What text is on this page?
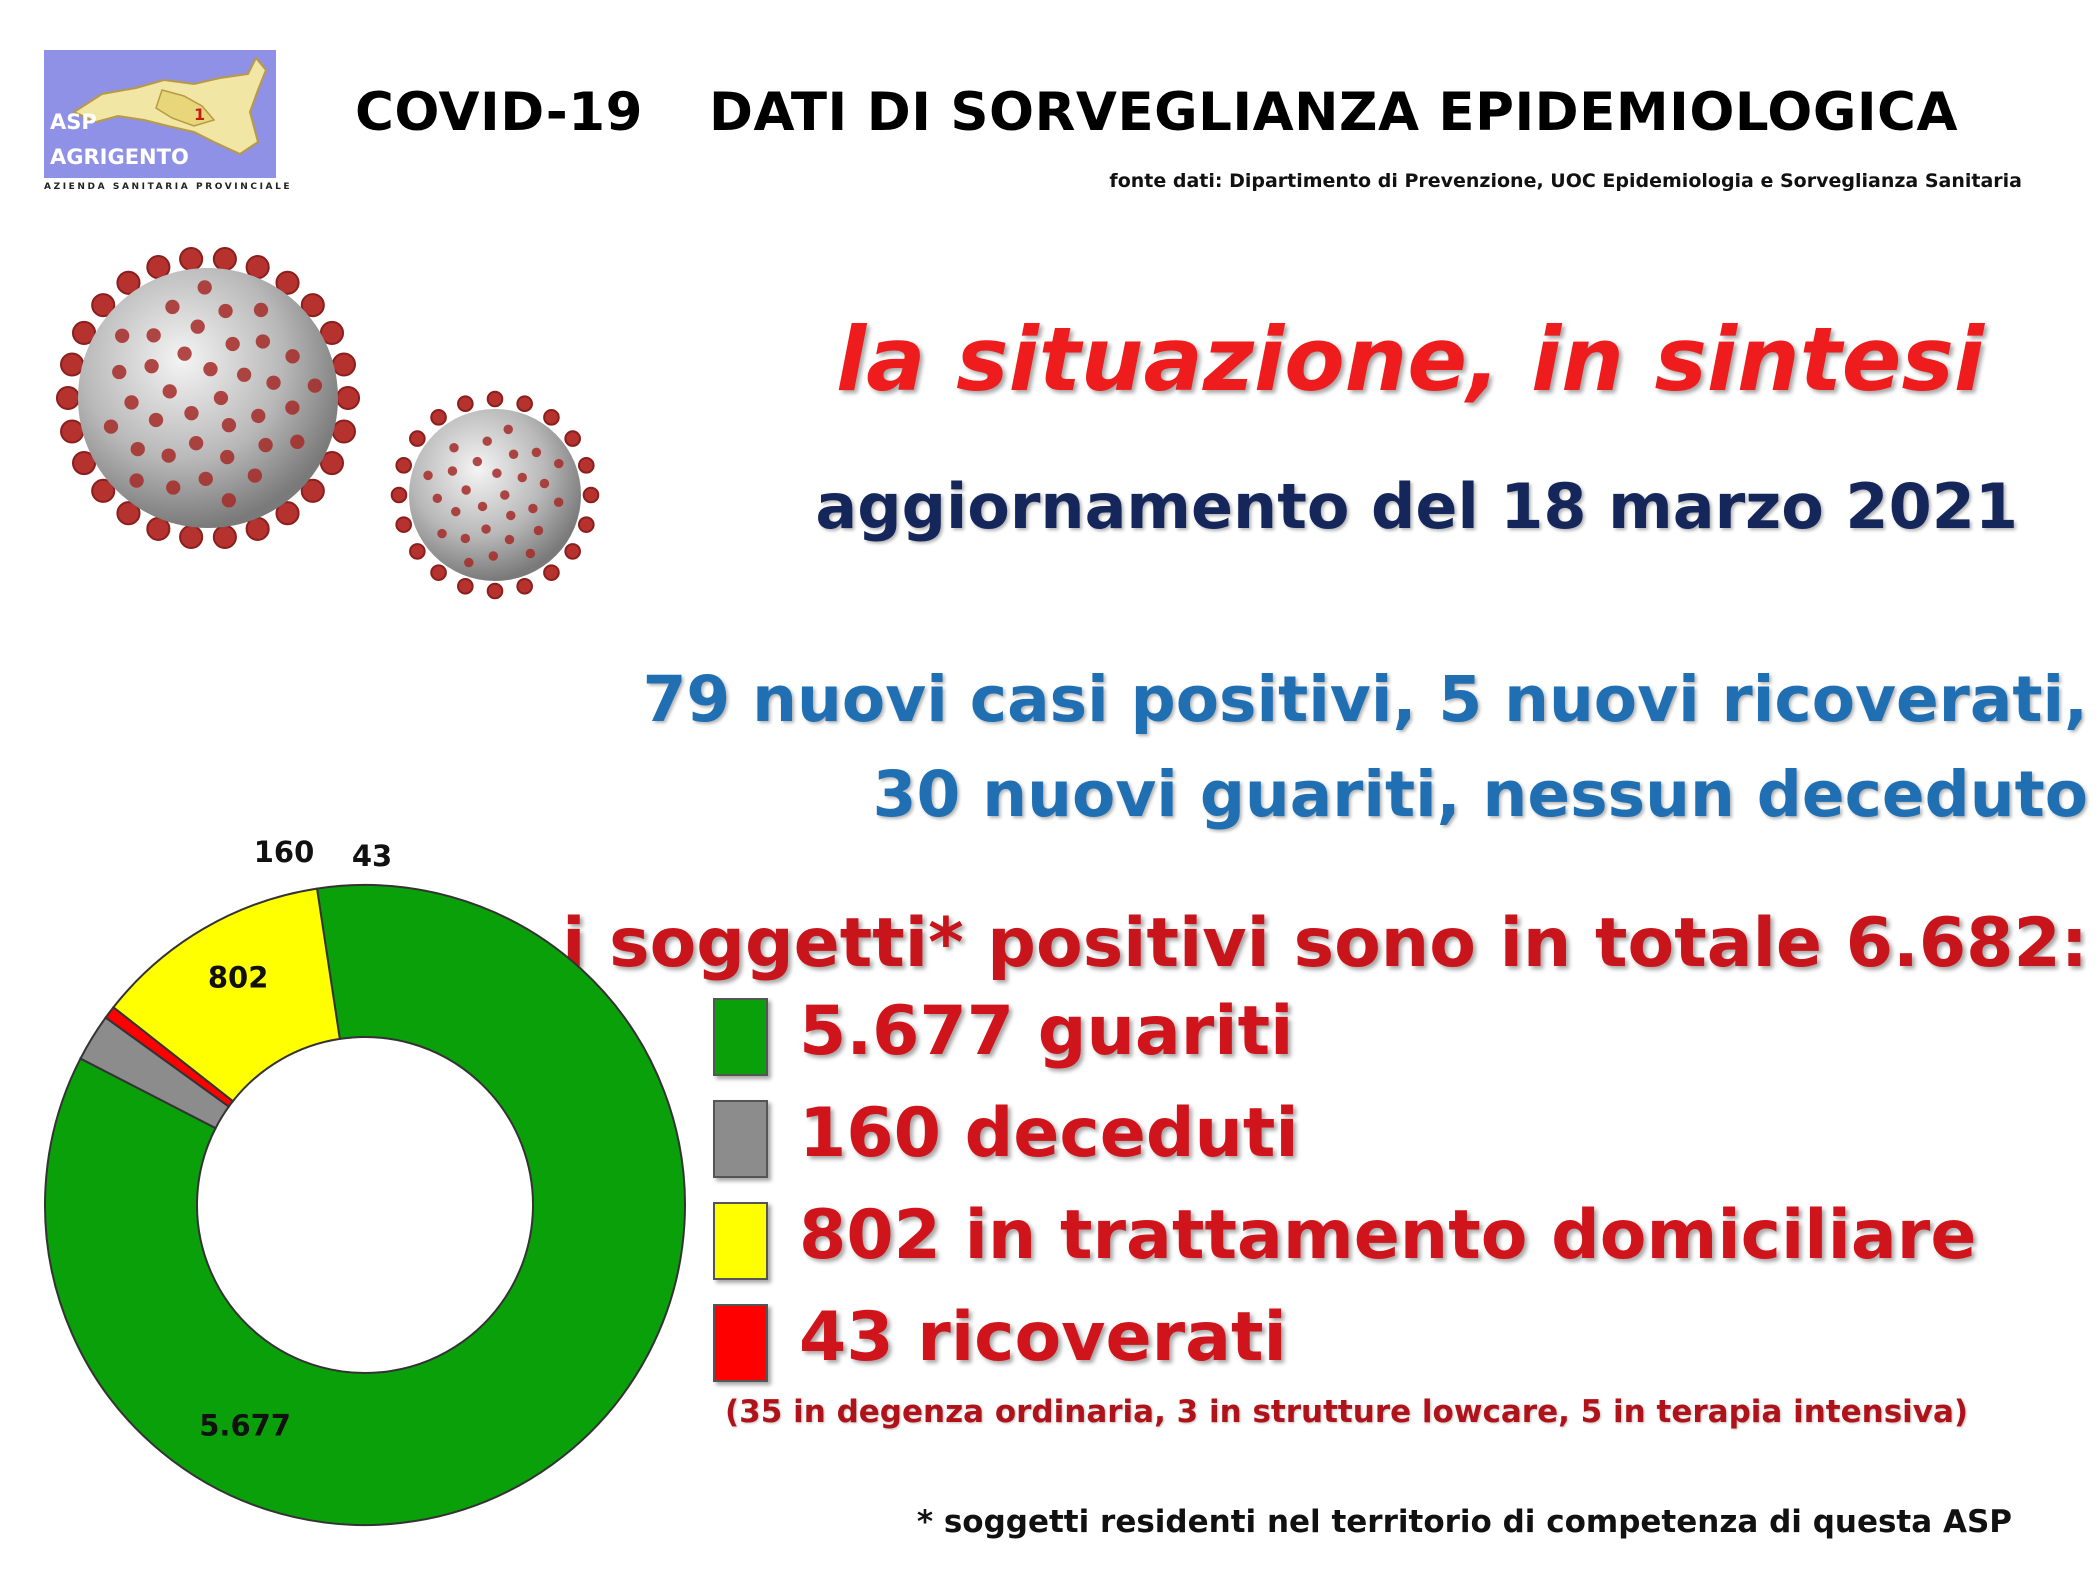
1
ASP
AGRIGENTO
AZIENDA SANITARIA PROVINCIALE
COVID-19 DATI DI SORVEGLIANZA EPIDEMIOLOGICA
fonte dati: Dipartimento di Prevenzione, UOC Epidemiologia e Sorveglianza Sanitaria
la situazione, in sintesi
aggiornamento del 18 marzo 2021
79 nuovi casi positivi, 5 nuovi ricoverati,
30 nuovi guariti, nessun deceduto
i soggetti* positivi sono in totale 6.682:
5.677 guariti
160 deceduti
802 in trattamento domiciliare
43 ricoverati
(35 in degenza ordinaria, 3 in strutture lowcare, 5 in terapia intensiva)
* soggetti residenti nel territorio di competenza di questa ASP
5.677
160 43
802
